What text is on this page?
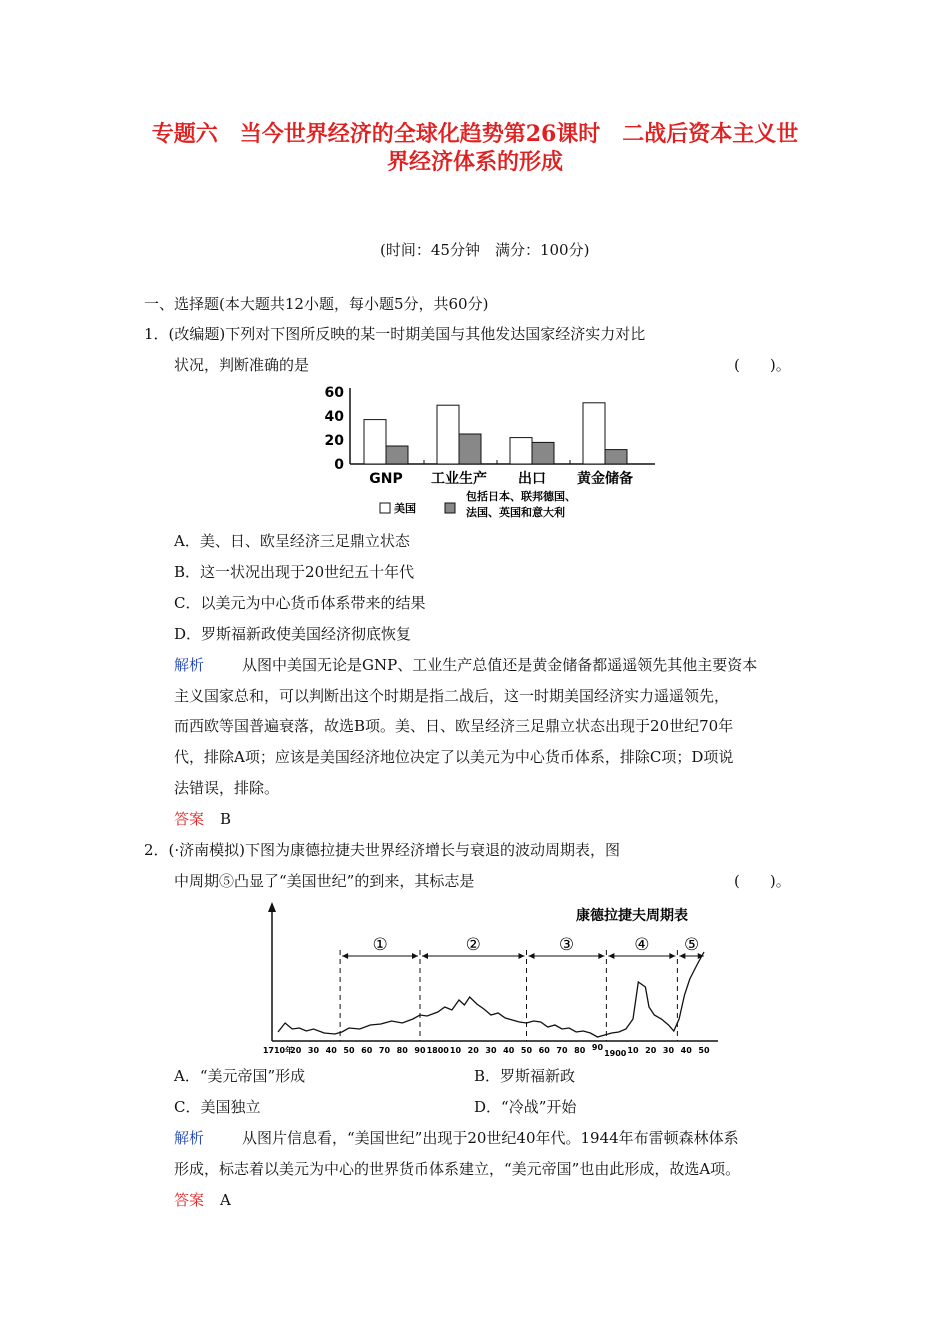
专题六　当今世界经济的全球化趋势第26课时　二战后资本主义世
界经济体系的形成
(时间：45分钟　满分：100分)
一、选择题(本大题共12小题，每小题5分，共60分)
1．(改编题)下列对下图所反映的某一时期美国与其他发达国家经济实力对比
状况，判断准确的是	(　　)。
60
40
20
0
GNP 工业生产 出口 黄金储备
美国
包括日本、联邦德国、
法国、英国和意大利
A．美、日、欧呈经济三足鼎立状态
B．这一状况出现于20世纪五十年代
C．以美元为中心货币体系带来的结果
D．罗斯福新政使美国经济彻底恢复
解析	从图中美国无论是GNP、工业生产总值还是黄金储备都遥遥领先其他主要资本
主义国家总和，可以判断出这个时期是指二战后，这一时期美国经济实力遥遥领先，
而西欧等国普遍衰落，故选B项。美、日、欧呈经济三足鼎立状态出现于20世纪70年
代，排除A项；应该是美国经济地位决定了以美元为中心货币体系，排除C项；D项说
法错误，排除。
答案 B
2．(·济南模拟)下图为康德拉捷夫世界经济增长与衰退的波动周期表，图
中周期⑤凸显了“美国世纪”的到来，其标志是	(　　)。
康德拉捷夫周期表
①	②	③	④ ⑤
1710年
20 30 40 50 60 70 80 90 1800 10 20 30 40 50 60 70 80 90
1900 10 20 30 40 50
A．“美元帝国”形成	B．罗斯福新政
C．美国独立	D．“冷战”开始
解析	从图片信息看，“美国世纪”出现于20世纪40年代。1944年布雷顿森林体系
形成，标志着以美元为中心的世界货币体系建立，“美元帝国”也由此形成，故选A项。
答案 A
